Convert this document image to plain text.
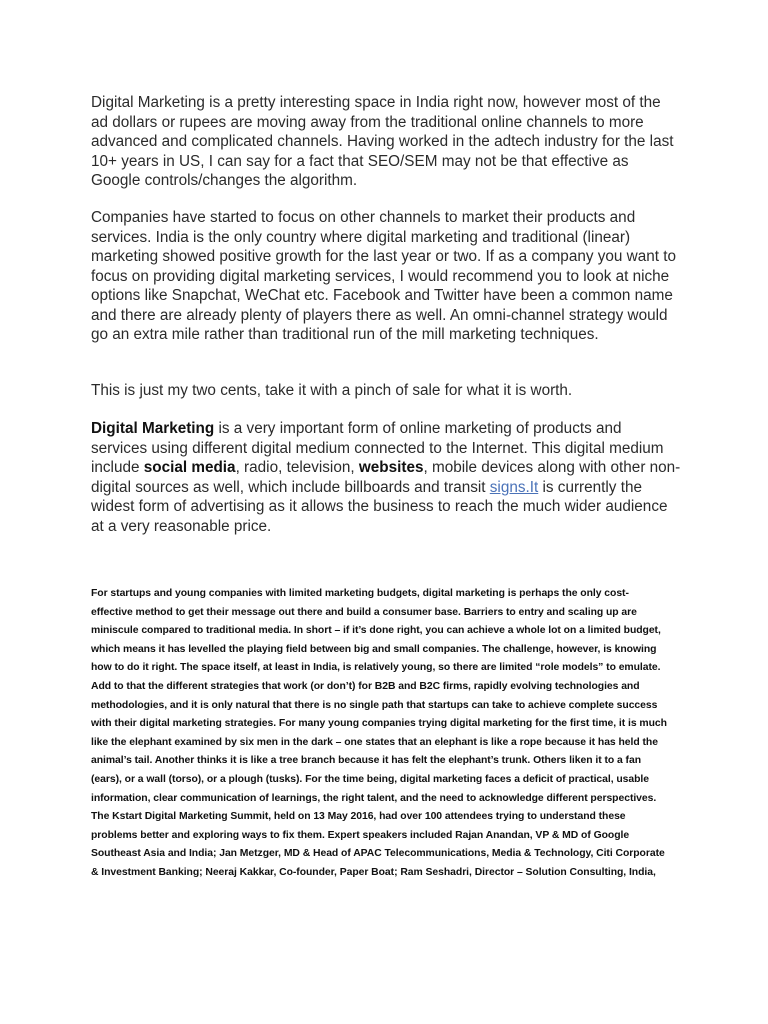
Digital Marketing is a pretty interesting space in India right now, however most of the ad dollars or rupees are moving away from the traditional online channels to more advanced and complicated channels. Having worked in the adtech industry for the last 10+ years in US, I can say for a fact that SEO/SEM may not be that effective as Google controls/changes the algorithm.

Companies have started to focus on other channels to market their products and services. India is the only country where digital marketing and traditional (linear) marketing showed positive growth for the last year or two. If as a company you want to focus on providing digital marketing services, I would recommend you to look at niche options like Snapchat, WeChat etc. Facebook and Twitter have been a common name and there are already plenty of players there as well. An omni-channel strategy would go an extra mile rather than traditional run of the mill marketing techniques.

This is just my two cents, take it with a pinch of sale for what it is worth.

Digital Marketing is a very important form of online marketing of products and services using different digital medium connected to the Internet. This digital medium include social media, radio, television, websites, mobile devices along with other non-digital sources as well, which include billboards and transit signs.It is currently the widest form of advertising as it allows the business to reach the much wider audience at a very reasonable price.

For startups and young companies with limited marketing budgets, digital marketing is perhaps the only cost-effective method to get their message out there and build a consumer base. Barriers to entry and scaling up are miniscule compared to traditional media. In short – if it’s done right, you can achieve a whole lot on a limited budget, which means it has levelled the playing field between big and small companies. The challenge, however, is knowing how to do it right. The space itself, at least in India, is relatively young, so there are limited “role models” to emulate. Add to that the different strategies that work (or don’t) for B2B and B2C firms, rapidly evolving technologies and methodologies, and it is only natural that there is no single path that startups can take to achieve complete success with their digital marketing strategies. For many young companies trying digital marketing for the first time, it is much like the elephant examined by six men in the dark – one states that an elephant is like a rope because it has held the animal’s tail. Another thinks it is like a tree branch because it has felt the elephant’s trunk. Others liken it to a fan (ears), or a wall (torso), or a plough (tusks). For the time being, digital marketing faces a deficit of practical, usable information, clear communication of learnings, the right talent, and the need to acknowledge different perspectives. The Kstart Digital Marketing Summit, held on 13 May 2016, had over 100 attendees trying to understand these problems better and exploring ways to fix them. Expert speakers included Rajan Anandan, VP & MD of Google Southeast Asia and India; Jan Metzger, MD & Head of APAC Telecommunications, Media & Technology, Citi Corporate & Investment Banking; Neeraj Kakkar, Co-founder, Paper Boat; Ram Seshadri, Director – Solution Consulting, India,
